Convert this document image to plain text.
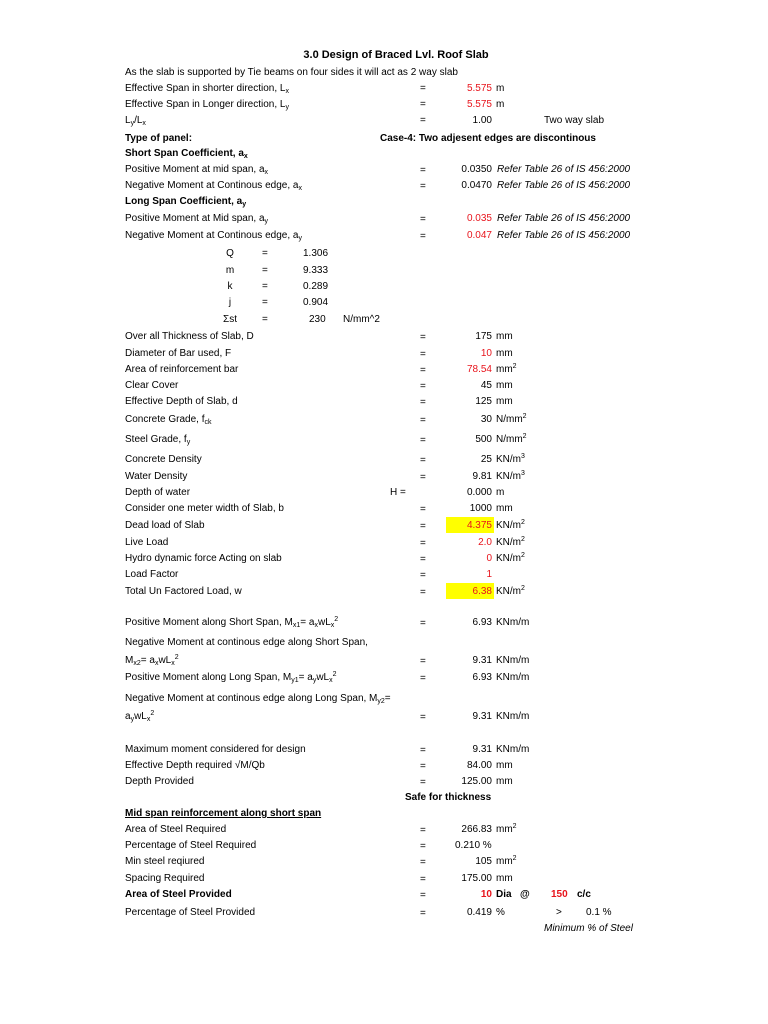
3.0 Design of Braced Lvl. Roof Slab
As the slab is supported by Tie beams on four sides it will act as 2 way slab
Effective Span in shorter direction, $L_x$	=	5.575 m
Effective Span in Longer direction, $L_y$	=	5.575 m
$L_y/L_x$	=	1.00	Two way slab
Type of panel:	Case-4: Two adjesent edges are discontinous
Short Span Coefficient, $a_x$
Positive Moment at mid span, $a_x$	=	0.0350 Refer Table 26 of IS 456:2000
Negative Moment at Continous edge, $a_x$	=	0.0470 Refer Table 26 of IS 456:2000
Long Span Coefficient, $a_y$
Positive Moment at Mid span, $a_y$	=	0.035 Refer Table 26 of IS 456:2000
Negative Moment at Continous edge, $a_y$	=	0.047 Refer Table 26 of IS 456:2000
Q	=	1.306
m	=	9.333
k	=	0.289
j	=	0.904
Σst	=	230 N/mm^2
Over all Thickness of Slab, D	=	175 mm
Diameter of Bar used, F	=	10 mm
Area of reinforcement bar	=	78.54 $mm^2$
Clear Cover	=	45 mm
Effective Depth of Slab, d	=	125 mm
Concrete Grade, $f_{ck}$	=	30 $N/mm^2$
Steel Grade, $f_y$	=	500 $N/mm^2$
Concrete Density	=	25 $KN/m^3$
Water Density	=	9.81 $KN/m^3$
Depth of water	H =	0.000 m
Consider one meter width of Slab, b	=	1000 mm
Dead load of Slab	=	4.375 $KN/m^2$
Live Load	=	2.0 $KN/m^2$
Hydro dynamic force Acting on slab	=	0 $KN/m^2$
Load Factor	=	1
Total Un Factored Load, w	=	6.38 $KN/m^2$
Positive Moment along Short Span, $M_{x1}= a_xwL_x^2$	=	6.93 KNm/m
Negative Moment at continous edge along Short Span,
$M_{x2}= a_xwL_x^2$	=	9.31 KNm/m
Positive Moment along Long Span, $M_{y1}= a_ywL_x^2$	=	6.93 KNm/m
Negative Moment at continous edge along Long Span, $M_{y2}=$
$a_ywL_x^2$	=	9.31 KNm/m
Maximum moment considered for design	=	9.31 KNm/m
Effective Depth required √M/Qb	=	84.00 mm
Depth Provided	=	125.00 mm
Safe for thickness
Mid span reinforcement along short span
Area of Steel Required	=	266.83 $mm^2$
Percentage of Steel Required	=	0.210 %
Min steel reqiured	=	105 $mm^2$
Spacing Required	=	175.00 mm
Area of Steel Provided	=	10 Dia @ 150 c/c
Percentage of Steel Provided	=	0.419 %	> 0.1 %
Minimum % of Steel
